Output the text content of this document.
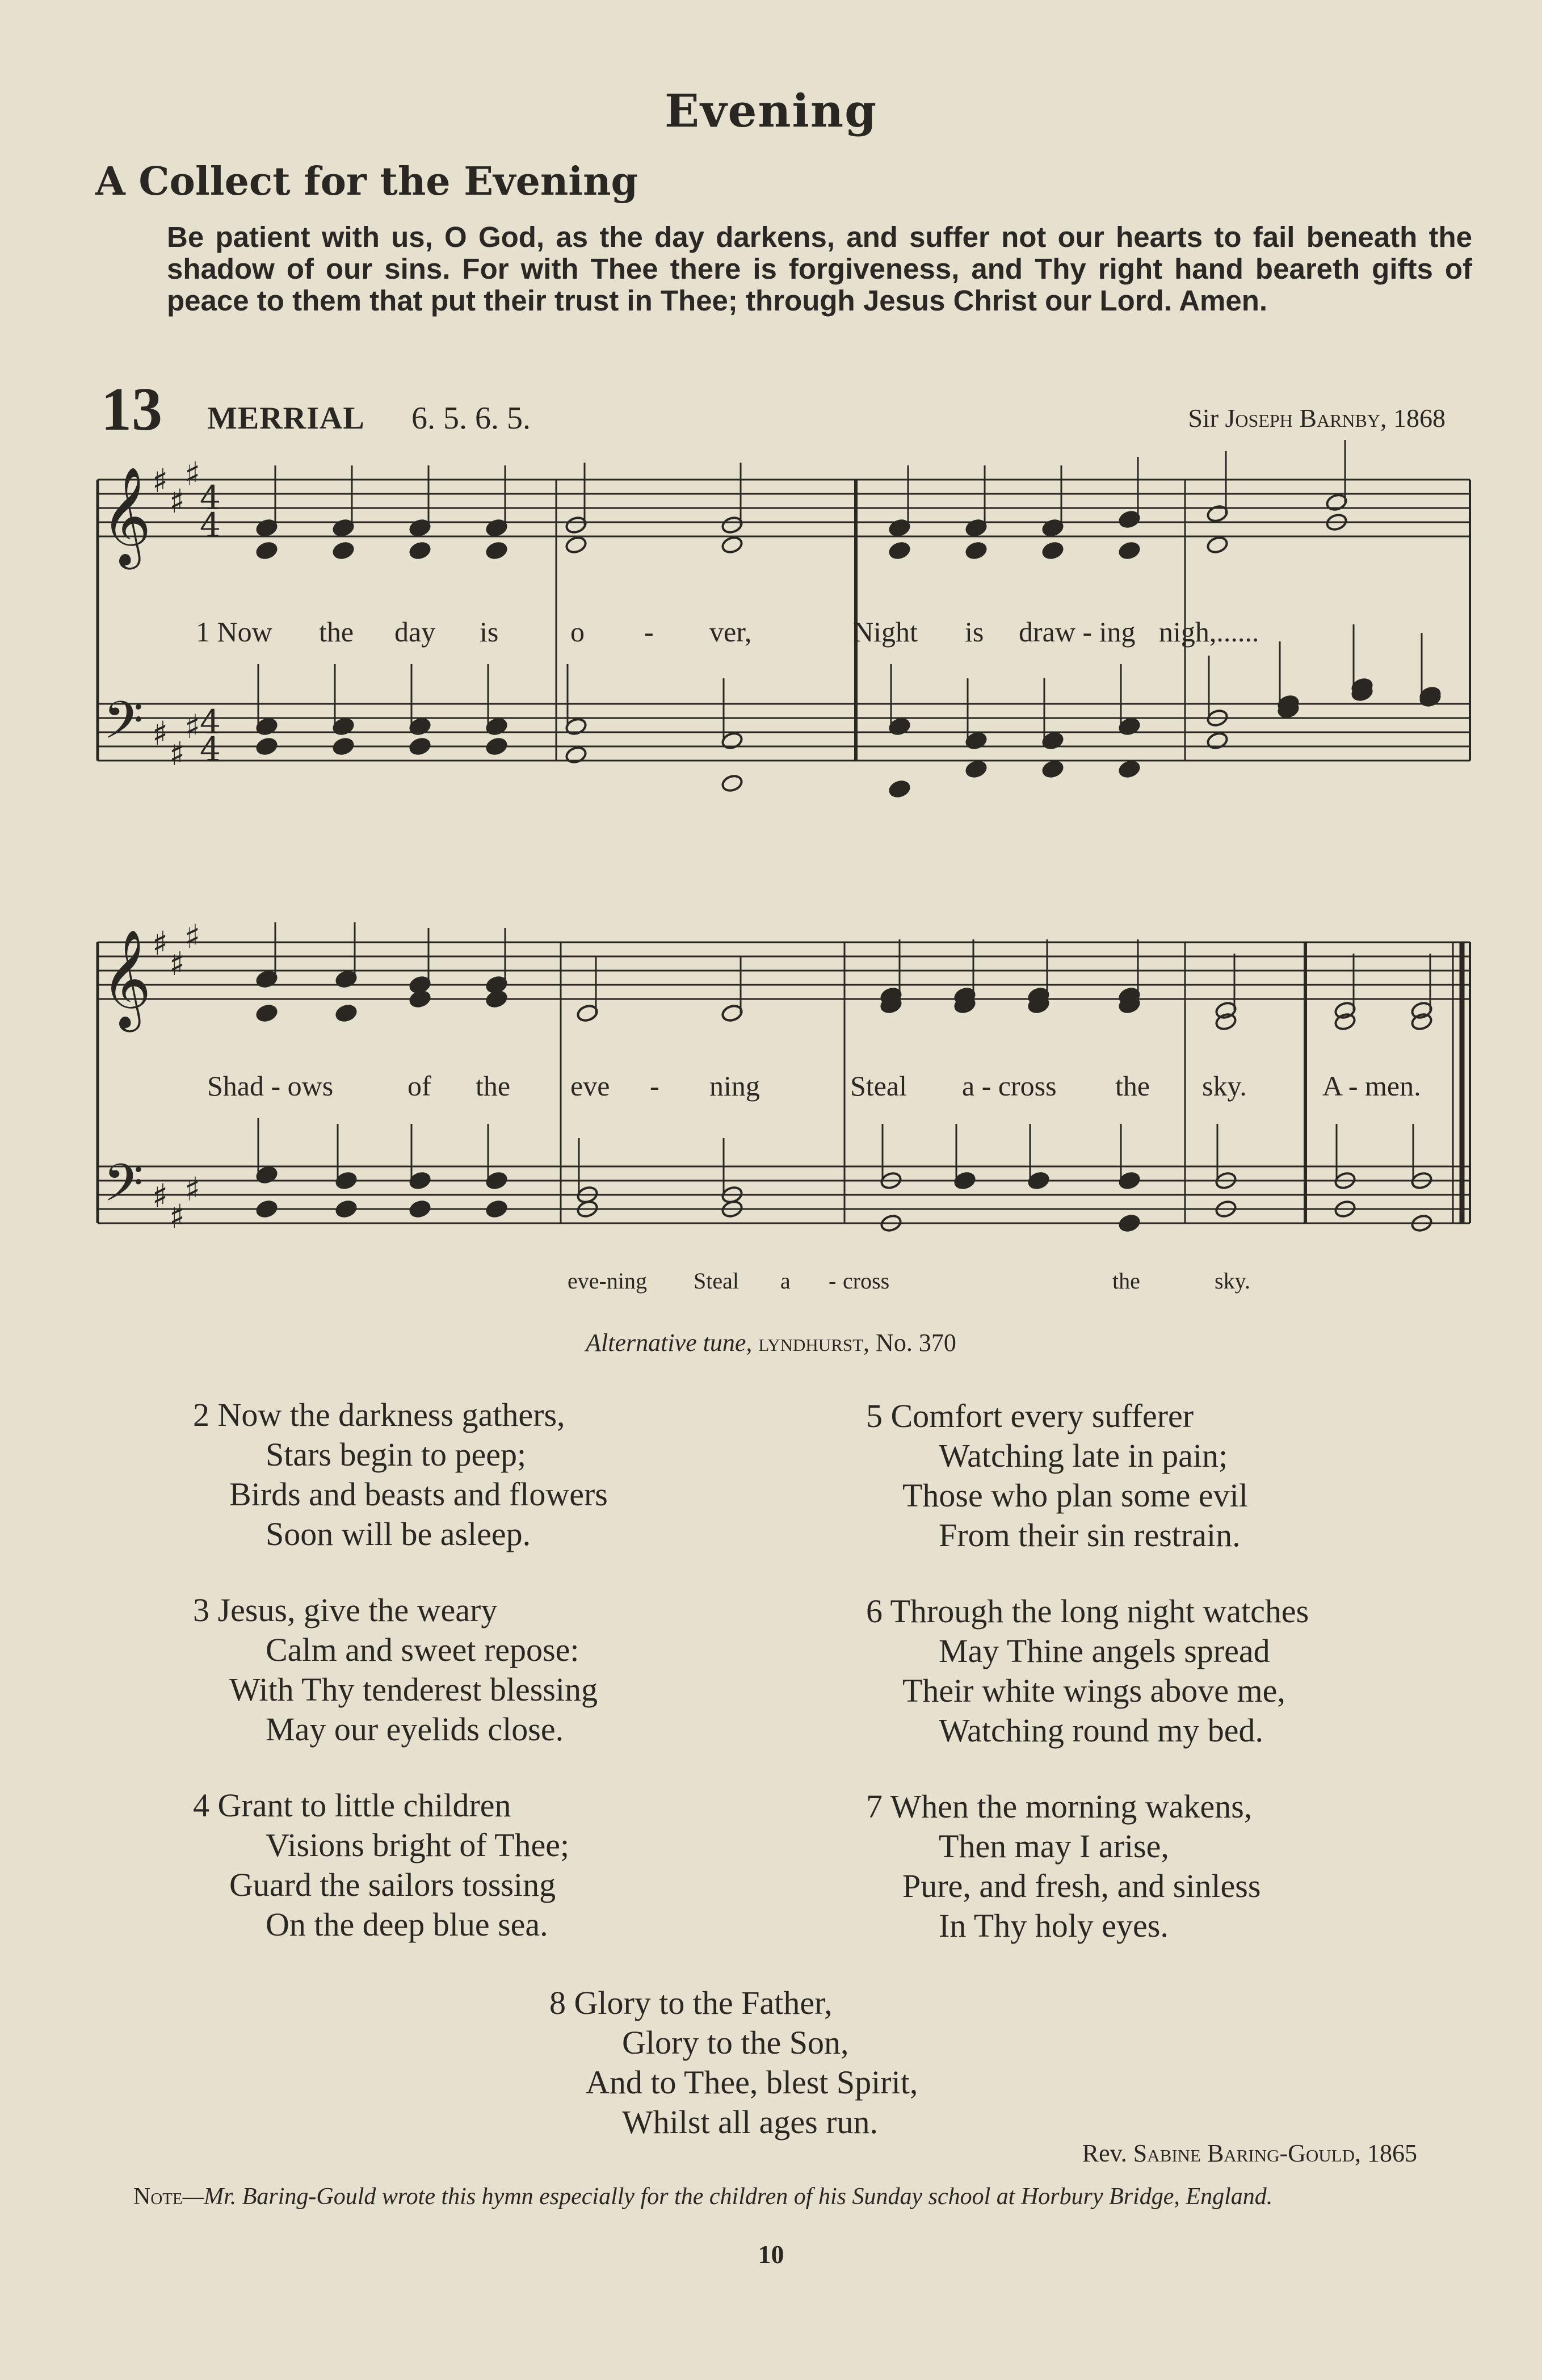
Evening
A Collect for the Evening
Be patient with us, O God, as the day darkens, and suffer not our hearts to fail beneath the shadow of our sins. For with Thee there is forgiveness, and Thy right hand beareth gifts of peace to them that put their trust in Thee; through Jesus Christ our Lord. Amen.
13 MERRIAL 6. 5. 6. 5.	Sir Joseph Barnby, 1868
𝄞
𝄢
𝄞
𝄢
♯
♯
♯
♯
♯
♯
♯
♯
♯
♯
♯
♯
4
4
4
4
1 Now the day is	o - ver,	Night is draw - ing nigh,......
Shad - ows	of the eve - ning	Steal a - cross the sky.	A - men.
eve-ning Steal a - cross	the	sky.
Alternative tune, lyndhurst, No. 370
2 Now the darkness gathers,
Stars begin to peep;
Birds and beasts and flowers
Soon will be asleep.
3 Jesus, give the weary
Calm and sweet repose:
With Thy tenderest blessing
May our eyelids close.
4 Grant to little children
Visions bright of Thee;
Guard the sailors tossing
On the deep blue sea.
5 Comfort every sufferer
Watching late in pain;
Those who plan some evil
From their sin restrain.
6 Through the long night watches
May Thine angels spread
Their white wings above me,
Watching round my bed.
7 When the morning wakens,
Then may I arise,
Pure, and fresh, and sinless
In Thy holy eyes.
8 Glory to the Father,
Glory to the Son,
And to Thee, blest Spirit,
Whilst all ages run.
Rev. Sabine Baring-Gould, 1865
Note—Mr. Baring-Gould wrote this hymn especially for the children of his Sunday school at Horbury Bridge, England.
10
